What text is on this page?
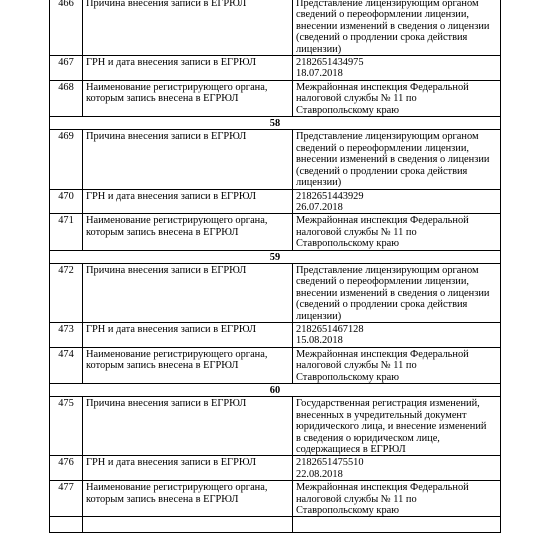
466	Причина внесения записи в ЕГРЮЛ	Представление лицензирующим органом
сведений о переоформлении лицензии,
внесении изменений в сведения о лицензии
(сведений о продлении срока действия
лицензии)

467	ГРН и дата внесения записи в ЕГРЮЛ	2182651434975
18.07.2018

468	Наименование регистрирующего органа,
которым запись внесена в ЕГРЮЛ	Межрайонная инспекция Федеральной
налоговой службы № 11 по
Ставропольскому краю

58		
469	Причина внесения записи в ЕГРЮЛ	Представление лицензирующим органом
сведений о переоформлении лицензии,
внесении изменений в сведения о лицензии
(сведений о продлении срока действия
лицензии)

470	ГРН и дата внесения записи в ЕГРЮЛ	2182651443929
26.07.2018

471	Наименование регистрирующего органа,
которым запись внесена в ЕГРЮЛ	Межрайонная инспекция Федеральной
налоговой службы № 11 по
Ставропольскому краю

59		
472	Причина внесения записи в ЕГРЮЛ	Представление лицензирующим органом
сведений о переоформлении лицензии,
внесении изменений в сведения о лицензии
(сведений о продлении срока действия
лицензии)

473	ГРН и дата внесения записи в ЕГРЮЛ	2182651467128
15.08.2018

474	Наименование регистрирующего органа,
которым запись внесена в ЕГРЮЛ	Межрайонная инспекция Федеральной
налоговой службы № 11 по
Ставропольскому краю

60		
475	Причина внесения записи в ЕГРЮЛ	Государственная регистрация изменений,
внесенных в учредительный документ
юридического лица, и внесение изменений
в сведения о юридическом лице,
содержащиеся в ЕГРЮЛ

476	ГРН и дата внесения записи в ЕГРЮЛ	2182651475510
22.08.2018

477	Наименование регистрирующего органа,
которым запись внесена в ЕГРЮЛ	Межрайонная инспекция Федеральной
налоговой службы № 11 по
Ставропольскому краю
